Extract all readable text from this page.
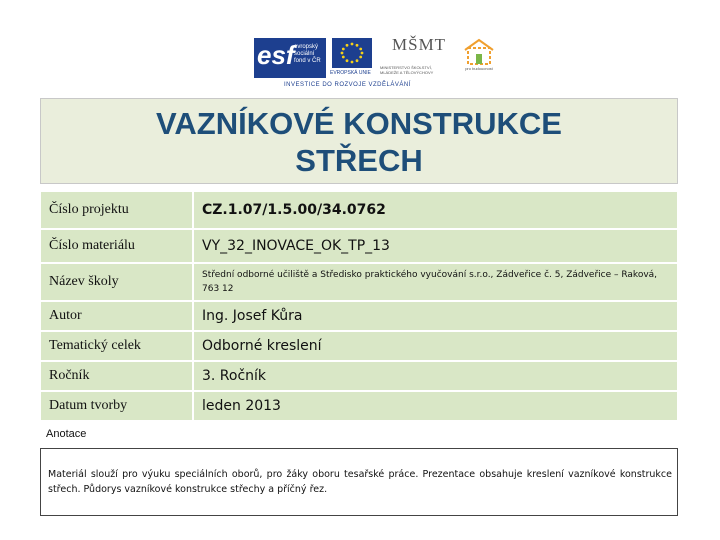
esf evropský sociální fond v ČR
EVROPSKÁ UNIE
MŠMT
MINISTERSTVO ŠKOLSTVÍ, MLÁDEŽE A TĚLOVÝCHOVY
pro budoucnost
INVESTICE DO ROZVOJE VZDĚLÁVÁNÍ
VAZNÍKOVÉ KONSTRUKCE
STŘECH
Číslo projektu	CZ.1.07/1.5.00/34.0762
Číslo materiálu	VY_32_INOVACE_OK_TP_13
Název školy	Střední odborné učiliště a Středisko praktického vyučování s.r.o., Zádveřice č. 5, Zádveřice – Raková, 763 12
Autor	Ing. Josef Kůra
Tematický celek	Odborné kreslení
Ročník	3. Ročník
Datum tvorby	leden 2013
Anotace
Materiál slouží pro výuku speciálních oborů, pro žáky oboru tesařské práce. Prezentace obsahuje kreslení vazníkové konstrukce střech. Půdorys vazníkové konstrukce střechy a příčný řez.
